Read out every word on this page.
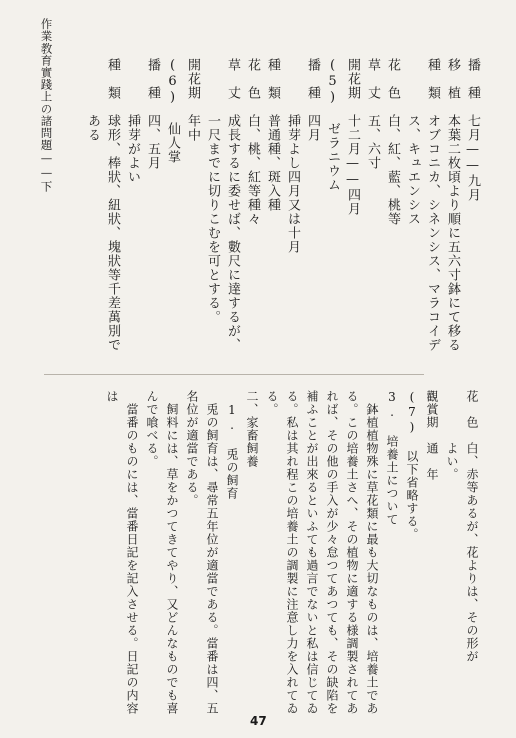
作業教育實踐上の諸問題——下	播　種　七月——九月
移　植　本葉二枚頃より順に五六寸鉢にて移る
種　類　オブコニカ、シネンシス、マラコイデ
　　　　ス、キュエンシス
花　色　白、紅、藍、桃等
草　丈　五、六寸
開花期　十二月——四月
(5) ゼラニウム
播　種　四月
　　　　挿芽よし四月又は十月
種　類　普通種、斑入種
花　色　白、桃、紅等種々
草　丈　成長するに委せば、數尺に達するが、
　　　　一尺までに切りこむを可とする。
開花期　年中
(6) 仙人掌
播　種　四、五月
　　　　挿芽がよい
種　類　球形、棒狀、紐狀、塊狀等千差萬別で
　　　　ある
花　色　白、赤等あるが、花よりは、その形が
　　　　よい。
觀賞期　通　年
(7) 以下省略する。
3. 培養土について
　鉢植植物殊に草花類に最も大切なものは、培養土であ
る。この培養土さへ、その植物に適する様調製されてあ
れば、その他の手入が少々怠つてあつても、その缺陷を
補ふことが出來るといふても過言でないと私は信じてゐ
る。私は其れ程この培養土の調製に注意し力を入れてゐ
る。
二、家畜飼養
　1. 兎の飼育
　兎の飼育は、尋常五年位が適當である。當番は四、五
名位が適當である。
　飼料には、草をかつてきてやり、又どんなものでも喜
んで喰べる。
　當番のものには、當番日記を記入させる。日記の内容
は
47
